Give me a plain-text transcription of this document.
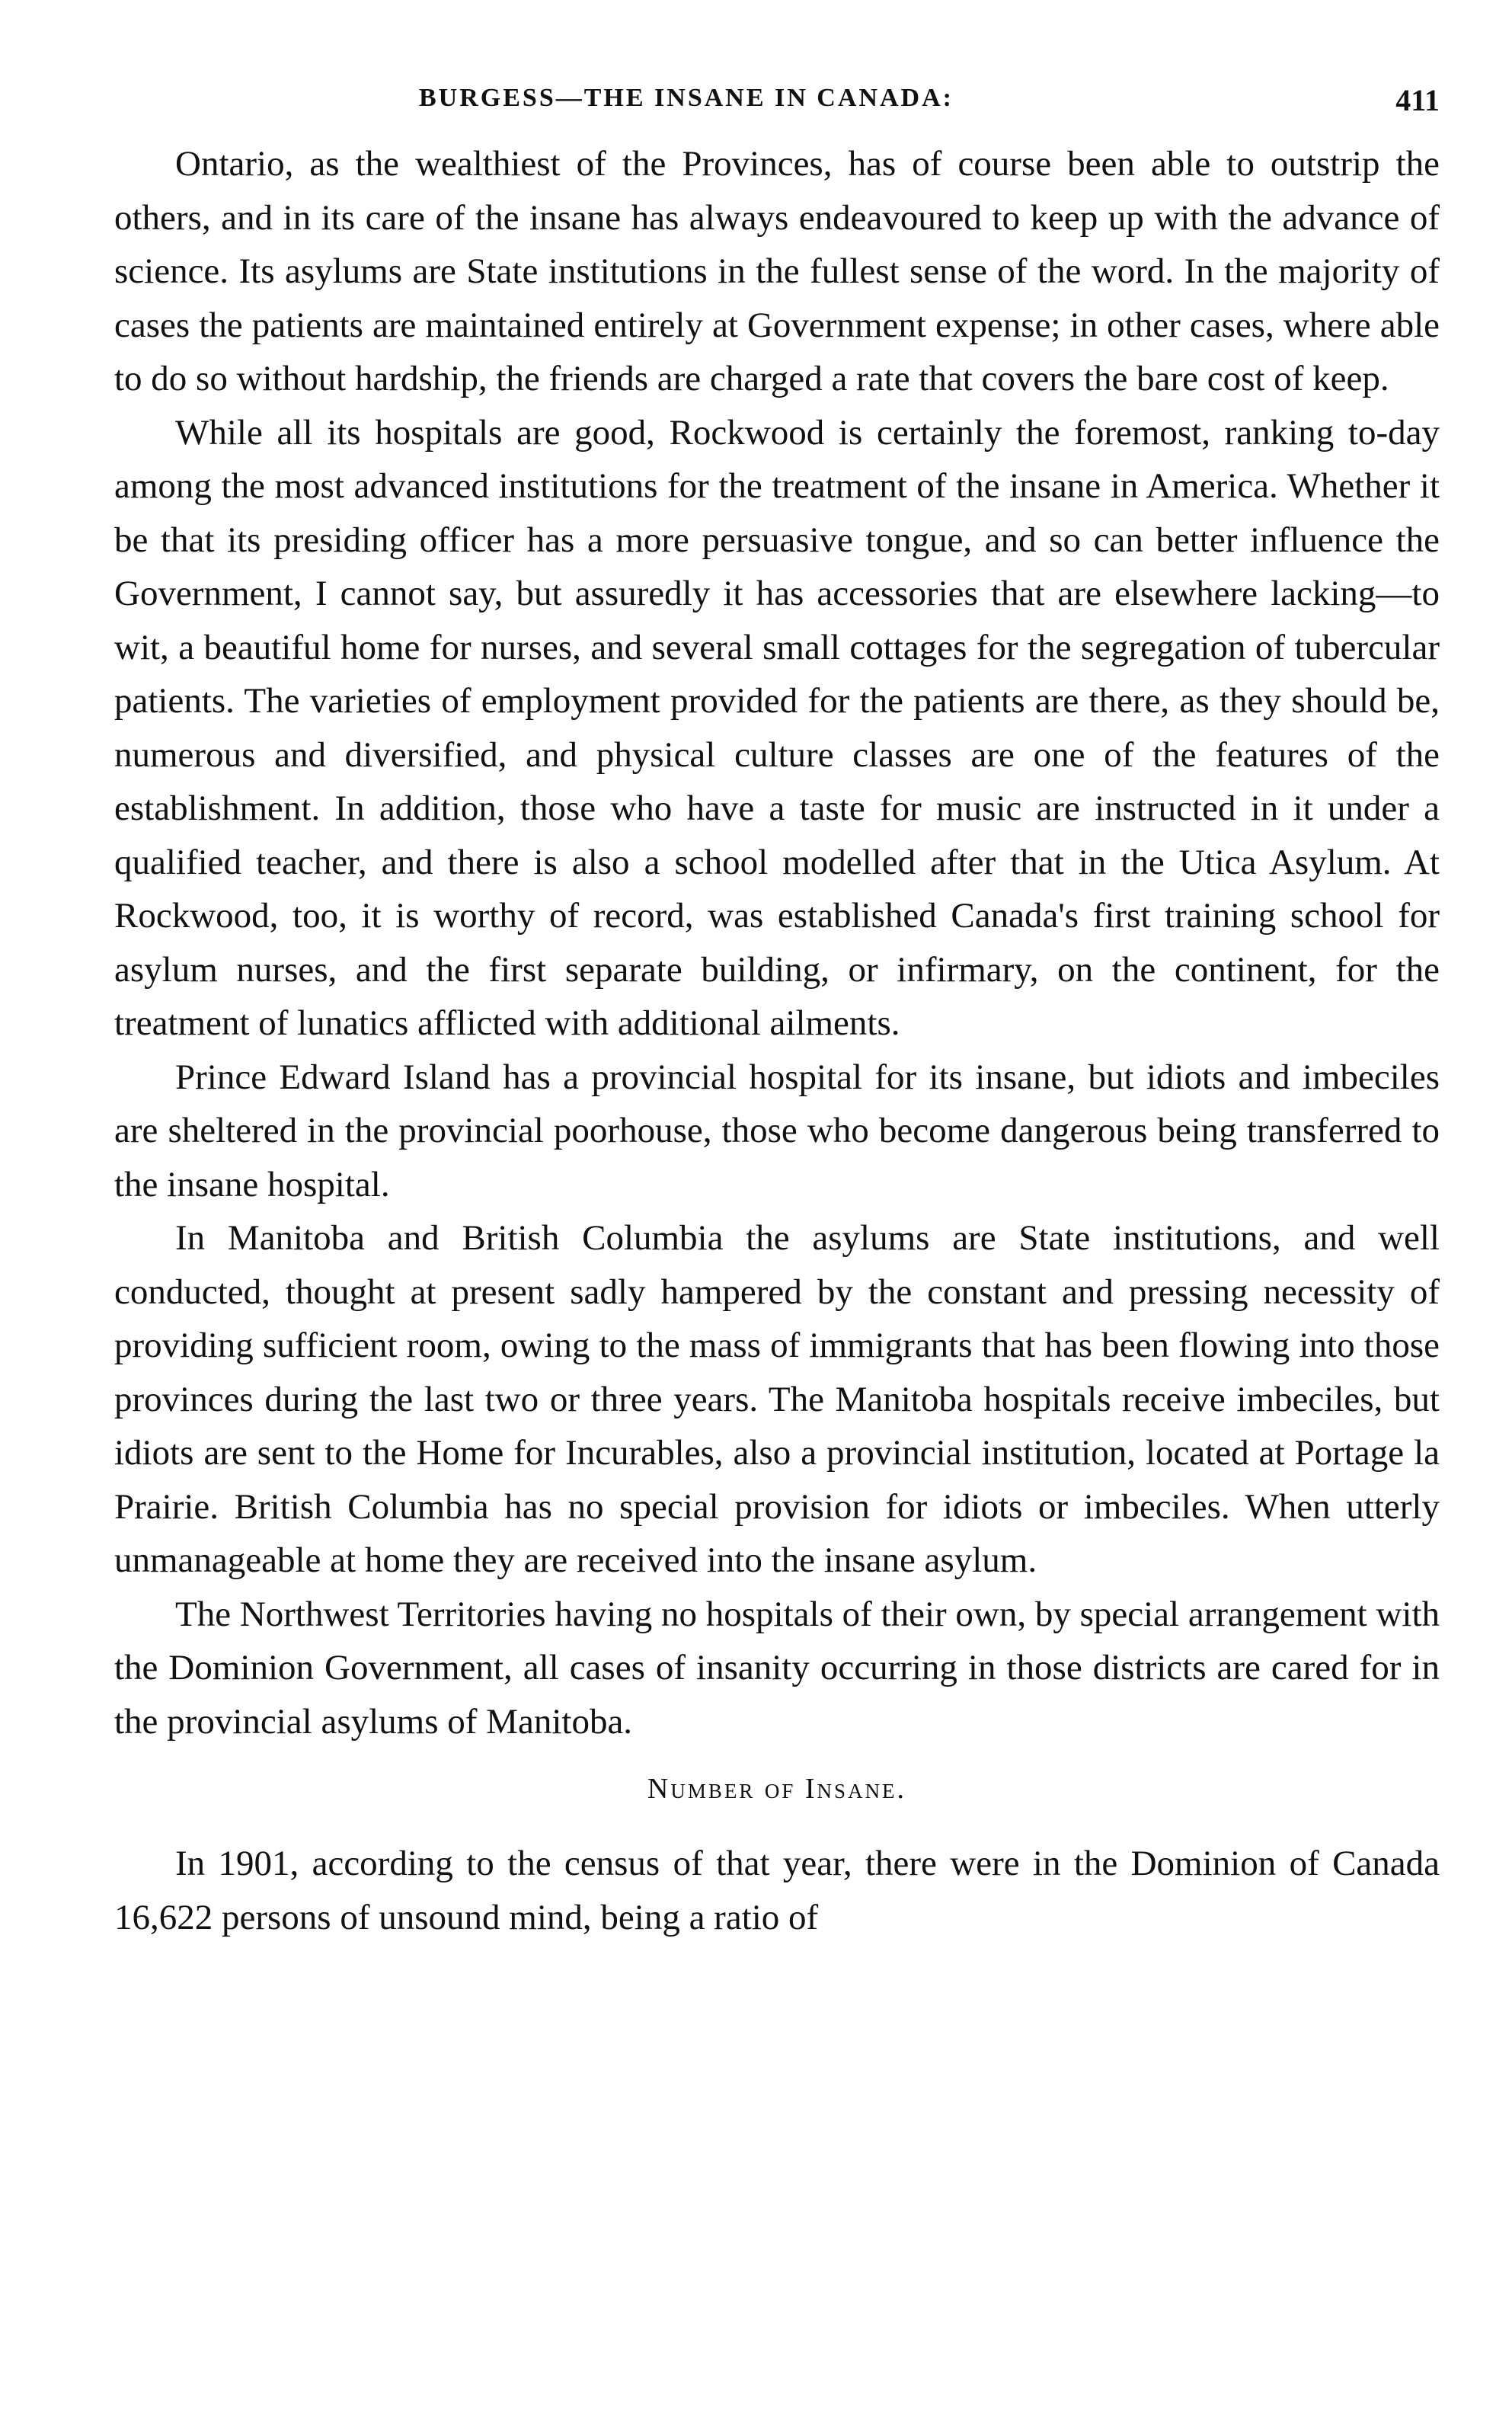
BURGESS—THE INSANE IN CANADA:	411

Ontario, as the wealthiest of the Provinces, has of course been able to outstrip the others, and in its care of the insane has always endeavoured to keep up with the advance of science. Its asylums are State institutions in the fullest sense of the word. In the majority of cases the patients are maintained entirely at Government expense; in other cases, where able to do so without hardship, the friends are charged a rate that covers the bare cost of keep.

While all its hospitals are good, Rockwood is certainly the foremost, ranking to-day among the most advanced institutions for the treatment of the insane in America. Whether it be that its presiding officer has a more persuasive tongue, and so can better influence the Government, I cannot say, but assuredly it has accessories that are elsewhere lacking—to wit, a beautiful home for nurses, and several small cottages for the segregation of tubercular patients. The varieties of employment provided for the patients are there, as they should be, numerous and diversified, and physical culture classes are one of the features of the establishment. In addition, those who have a taste for music are instructed in it under a qualified teacher, and there is also a school modelled after that in the Utica Asylum. At Rockwood, too, it is worthy of record, was established Canada's first training school for asylum nurses, and the first separate building, or infirmary, on the continent, for the treatment of lunatics afflicted with additional ailments.

Prince Edward Island has a provincial hospital for its insane, but idiots and imbeciles are sheltered in the provincial poorhouse, those who become dangerous being transferred to the insane hospital.

In Manitoba and British Columbia the asylums are State institutions, and well conducted, thought at present sadly hampered by the constant and pressing necessity of providing sufficient room, owing to the mass of immigrants that has been flowing into those provinces during the last two or three years. The Manitoba hospitals receive imbeciles, but idiots are sent to the Home for Incurables, also a provincial institution, located at Portage la Prairie. British Columbia has no special provision for idiots or imbeciles. When utterly unmanageable at home they are received into the insane asylum.

The Northwest Territories having no hospitals of their own, by special arrangement with the Dominion Government, all cases of insanity occurring in those districts are cared for in the provincial asylums of Manitoba.

Number of Insane.

In 1901, according to the census of that year, there were in the Dominion of Canada 16,622 persons of unsound mind, being a ratio of
